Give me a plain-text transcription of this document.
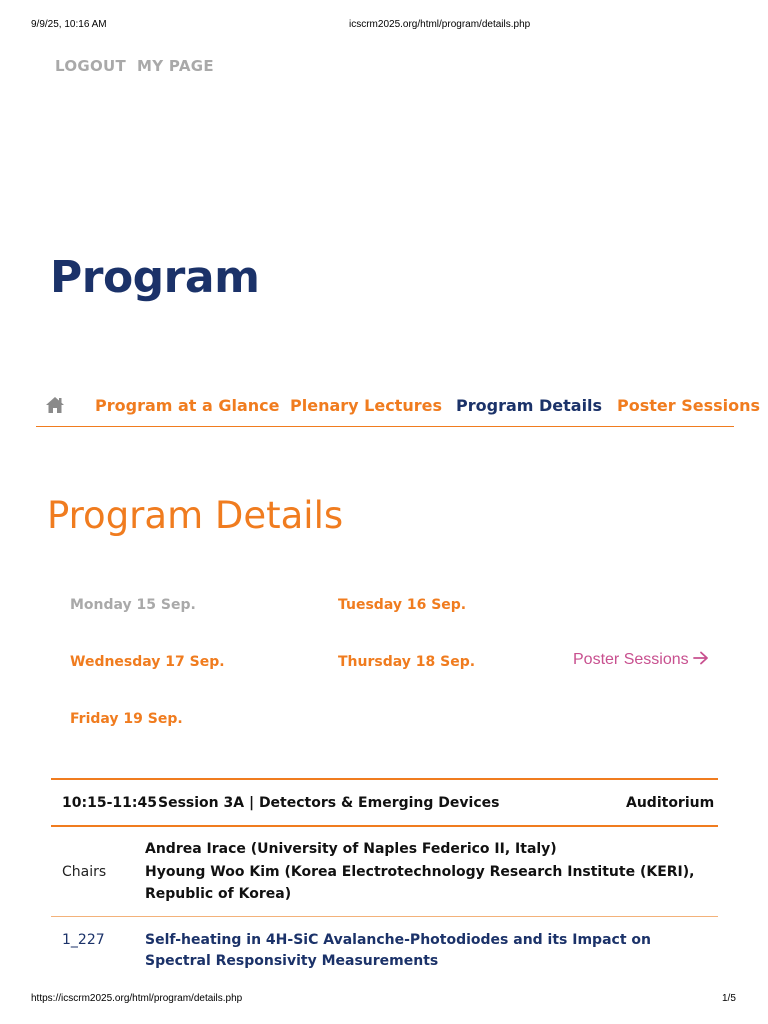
9/9/25, 10:16 AM	icscrm2025.org/html/program/details.php
LOGOUT MY PAGE
Program
Program at a Glance Plenary Lectures Program Details Poster Sessions
Program Details
Monday 15 Sep.	Tuesday 16 Sep.
Wednesday 17 Sep.	Thursday 18 Sep.
Friday 19 Sep.
Poster Sessions
10:15-11:45 Session 3A | Detectors & Emerging Devices	Auditorium
Chairs
Andrea Irace (University of Naples Federico II, Italy)
Hyoung Woo Kim (Korea Electrotechnology Research Institute (KERI), Republic of Korea)
1_227	Self-heating in 4H-SiC Avalanche-Photodiodes and its Impact on Spectral Responsivity Measurements
https://icscrm2025.org/html/program/details.php	1/5
